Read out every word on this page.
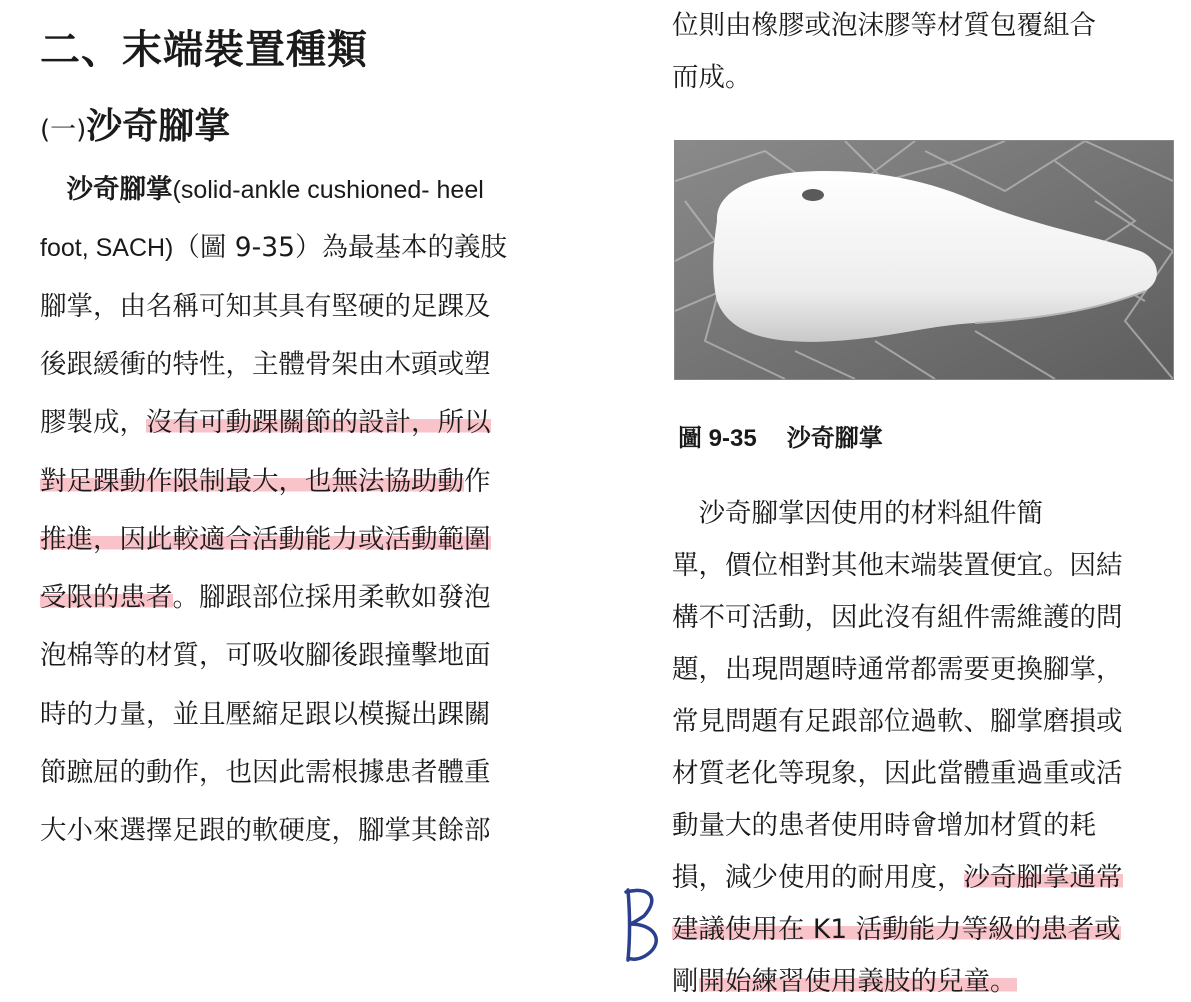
二、末端裝置種類
(一)沙奇腳掌
　沙奇腳掌(solid-ankle cushioned- heel
foot, SACH)（圖 9-35）為最基本的義肢
腳掌，由名稱可知其具有堅硬的足踝及
後跟緩衝的特性，主體骨架由木頭或塑
膠製成，沒有可動踝關節的設計，所以
對足踝動作限制最大，也無法協助動作
推進，因此較適合活動能力或活動範圍
受限的患者。腳跟部位採用柔軟如發泡
泡棉等的材質，可吸收腳後跟撞擊地面
時的力量，並且壓縮足跟以模擬出踝關
節蹠屈的動作，也因此需根據患者體重
大小來選擇足跟的軟硬度，腳掌其餘部
位則由橡膠或泡沫膠等材質包覆組合
而成。
圖 9-35 沙奇腳掌
　沙奇腳掌因使用的材料組件簡
單，價位相對其他末端裝置便宜。因結
構不可活動，因此沒有組件需維護的問
題，出現問題時通常都需要更換腳掌，
常見問題有足跟部位過軟、腳掌磨損或
材質老化等現象，因此當體重過重或活
動量大的患者使用時會增加材質的耗
損，減少使用的耐用度，沙奇腳掌通常
建議使用在 K1 活動能力等級的患者或
剛開始練習使用義肢的兒童。
